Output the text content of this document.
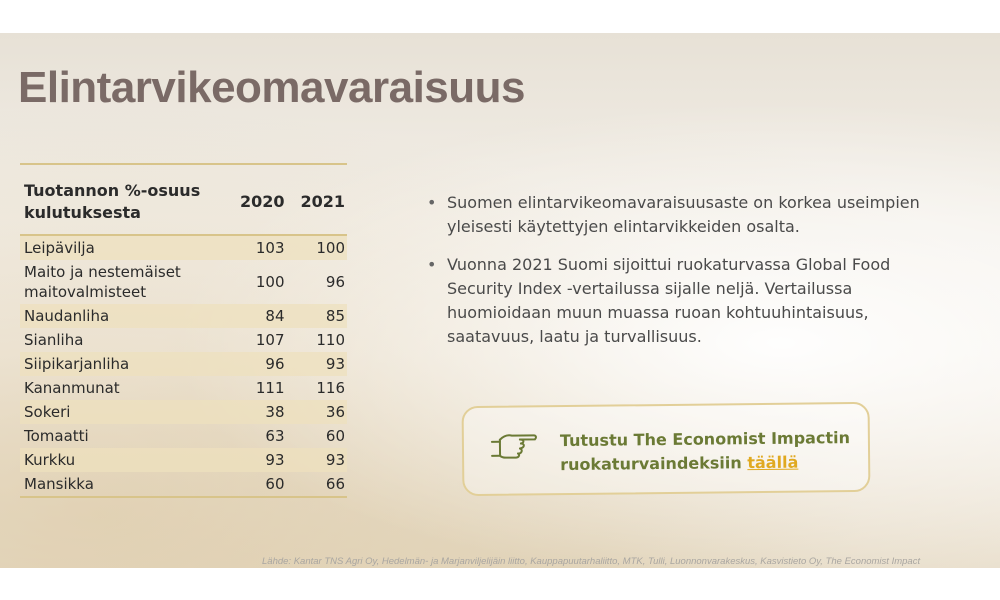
Elintarvikeomavaraisuus
Tuotannon %-osuus kulutuksesta	2020	2021
Leipävilja	103	100
Maito ja nestemäiset maitovalmisteet	100	96
Naudanliha	84	85
Sianliha	107	110
Siipikarjanliha	96	93
Kananmunat	111	116
Sokeri	38	36
Tomaatti	63	60
Kurkku	93	93
Mansikka	60	66
• Suomen elintarvikeomavaraisuusaste on korkea useimpien yleisesti käytettyjen elintarvikkeiden osalta.
• Vuonna 2021 Suomi sijoittui ruokaturvassa Global Food Security Index -vertailussa sijalle neljä. Vertailussa huomioidaan muun muassa ruoan kohtuuhintaisuus, saatavuus, laatu ja turvallisuus.

Tutustu The Economist Impactin
ruokaturvaindeksiin täällä

Lähde: Kantar TNS Agri Oy, Hedelmän- ja Marjanviljelijäin liitto, Kauppapuutarhaliitto, MTK, Tulli, Luonnonvarakeskus, Kasvistieto Oy, The Economist Impact
